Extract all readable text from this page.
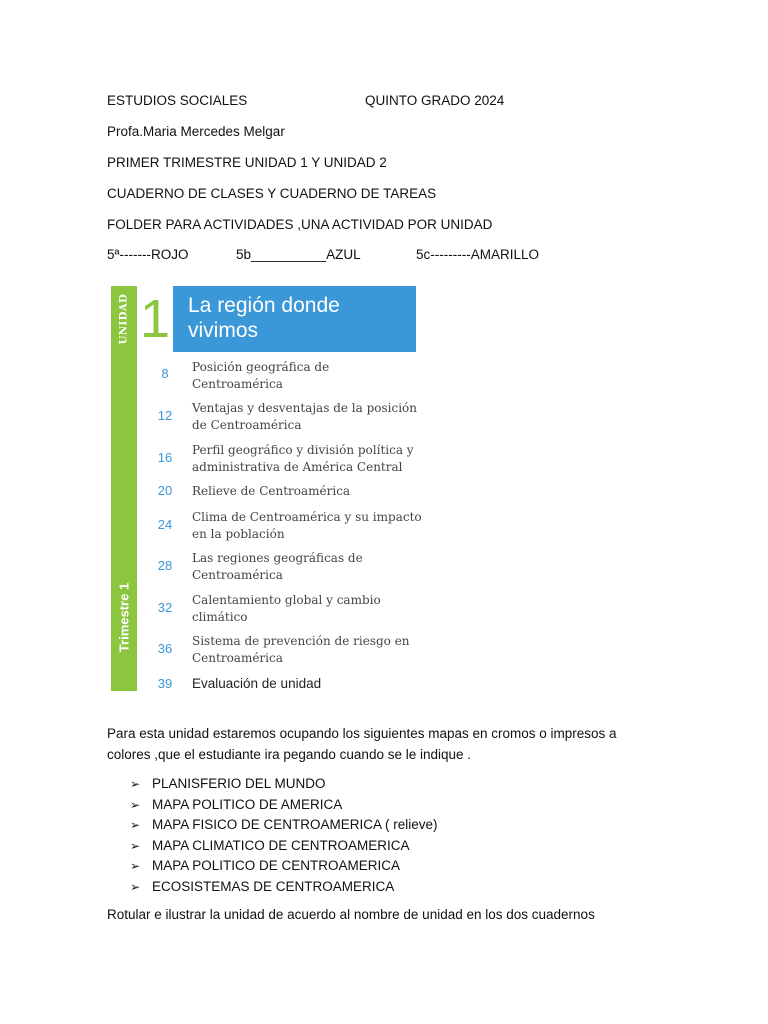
ESTUDIOS SOCIALES	QUINTO GRADO 2024
Profa.Maria Mercedes Melgar
PRIMER TRIMESTRE UNIDAD 1 Y UNIDAD 2
CUADERNO DE CLASES Y CUADERNO DE TAREAS
FOLDER PARA ACTIVIDADES ,UNA ACTIVIDAD POR UNIDAD
5ª-------ROJO	5b__________AZUL	5c---------AMARILLO
UNIDAD
Trimestre 1
1 La región donde vivimos
8	Posición geográfica de Centroamérica
12	Ventajas y desventajas de la posición de Centroamérica
16	Perfil geográfico y división política y administrativa de América Central
20	Relieve de Centroamérica
24	Clima de Centroamérica y su impacto en la población
28	Las regiones geográficas de Centroamérica
32	Calentamiento global y cambio climático
36	Sistema de prevención de riesgo en Centroamérica
39	Evaluación de unidad
Para esta unidad estaremos ocupando los siguientes mapas en cromos o impresos a colores ,que el estudiante ira pegando cuando se le indique .
➢ PLANISFERIO DEL MUNDO
➢ MAPA POLITICO DE AMERICA
➢ MAPA FISICO DE CENTROAMERICA ( relieve)
➢ MAPA CLIMATICO DE CENTROAMERICA
➢ MAPA POLITICO DE CENTROAMERICA
➢ ECOSISTEMAS DE CENTROAMERICA
Rotular e ilustrar la unidad de acuerdo al nombre de unidad en los dos cuadernos
